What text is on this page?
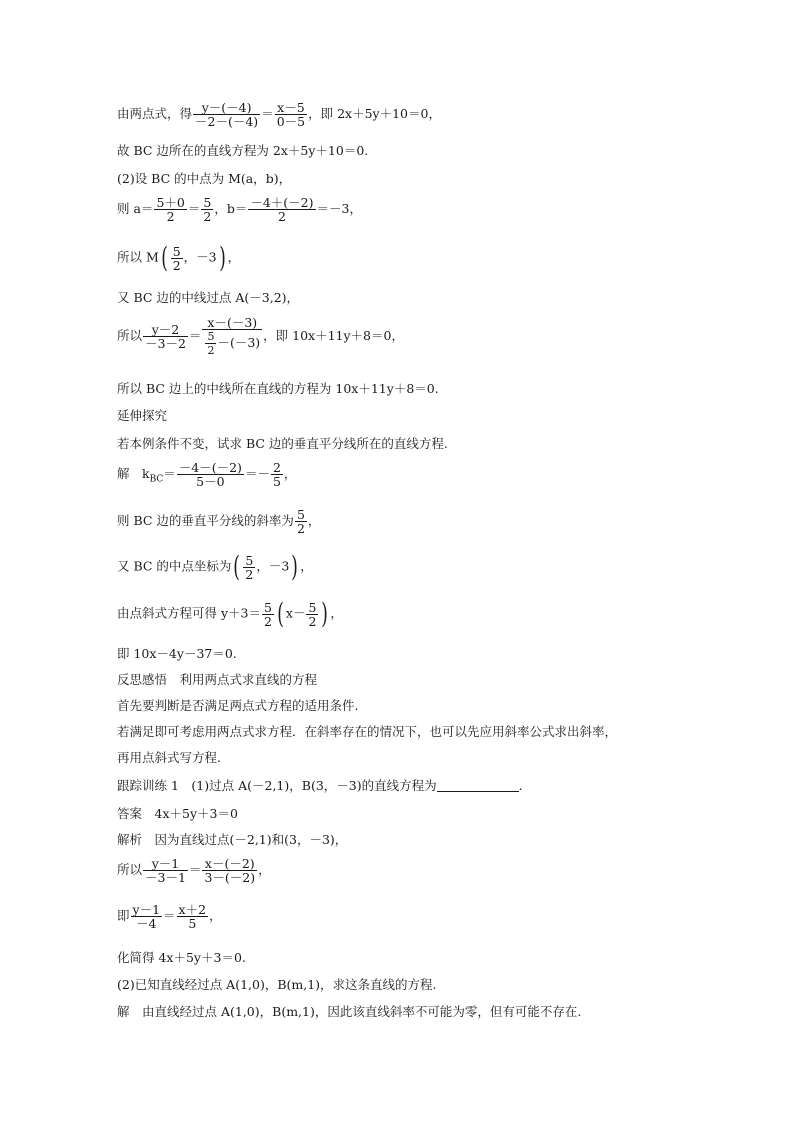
由两点式，得 $\frac{y-(-4)}{-2-(-4)} = \frac{x-5}{0-5}$ ，即 2x＋5y＋10＝0，
故 BC 边所在的直线方程为 2x＋5y＋10＝0.
(2)设 BC 的中点为 M(a，b)，
则 $a= \frac{5+0}{2} = \frac{5}{2}$ ，$b= \frac{-4+(-2)}{2} =-3$，
所以 $M( \frac{5}{2}$ ，－3) ，
又 BC 边的中线过点 A(－3,2)，
所以 $\frac{y-2}{-3-2} = \frac{x-(-3)}{\frac{5}{2} -(-3)}$ ，即 10x＋11y＋8＝0，
所以 BC 边上的中线所在直线的方程为 10x＋11y＋8＝0.
延伸探究
若本例条件不变，试求 BC 边的垂直平分线所在的直线方程.
解　$k_{BC}= \frac{-4-(-2)}{5-0} =- \frac{2}{5}$ ，
则 BC 边的垂直平分线的斜率为 $\frac{5}{2}$ ，
又 BC 的中点坐标为( $\frac{5}{2}$ ，－3) ，
由点斜式方程可得 $y+3= \frac{5}{2}$ ( $x- \frac{5}{2}$ ) ，
即 10x－4y－37＝0.
反思感悟　利用两点式求直线的方程
首先要判断是否满足两点式方程的适用条件.
若满足即可考虑用两点式求方程．在斜率存在的情况下，也可以先应用斜率公式求出斜率，
再用点斜式写方程.
跟踪训练 1　(1)过点 A(－2,1)，B(3，－3)的直线方程为	.
答案　4x＋5y＋3＝0
解析　因为直线过点(－2,1)和(3，－3)，
所以 $\frac{y-1}{-3-1} = \frac{x-(-2)}{3-(-2)}$ ，
即 $\frac{y-1}{-4} = \frac{x+2}{5}$ ，
化简得 4x＋5y＋3＝0.
(2)已知直线经过点 A(1,0)，B(m,1)，求这条直线的方程.
解　由直线经过点 A(1,0)，B(m,1)，因此该直线斜率不可能为零，但有可能不存在.
